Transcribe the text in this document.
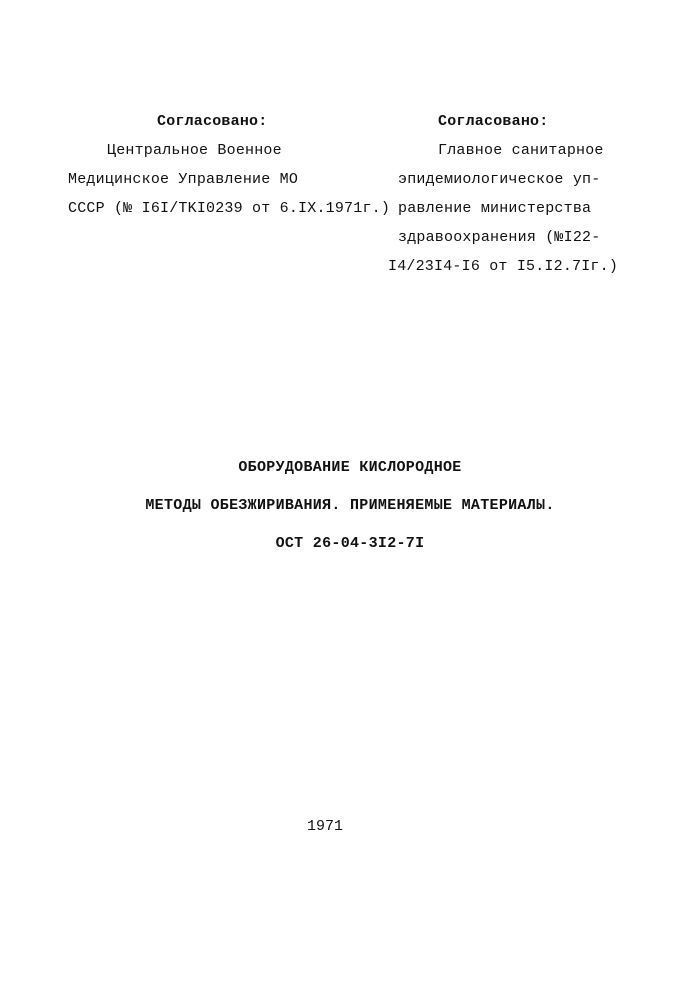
Согласовано:
Центральное Военное
Медицинское Управление МО
СССР (№ I6I/TKI0239 от 6.IX.1971г.)
Согласовано:
Главное санитарное
эпидемиологическое уп-
равление министерства
здравоохранения (№I22-
I4/23I4-I6 от I5.I2.7Iг.)
ОБОРУДОВАНИЕ КИСЛОРОДНОЕ
МЕТОДЫ ОБЕЗЖИРИВАНИЯ. ПРИМЕНЯЕМЫЕ МАТЕРИАЛЫ.
ОСТ 26-04-3I2-7I
1971
